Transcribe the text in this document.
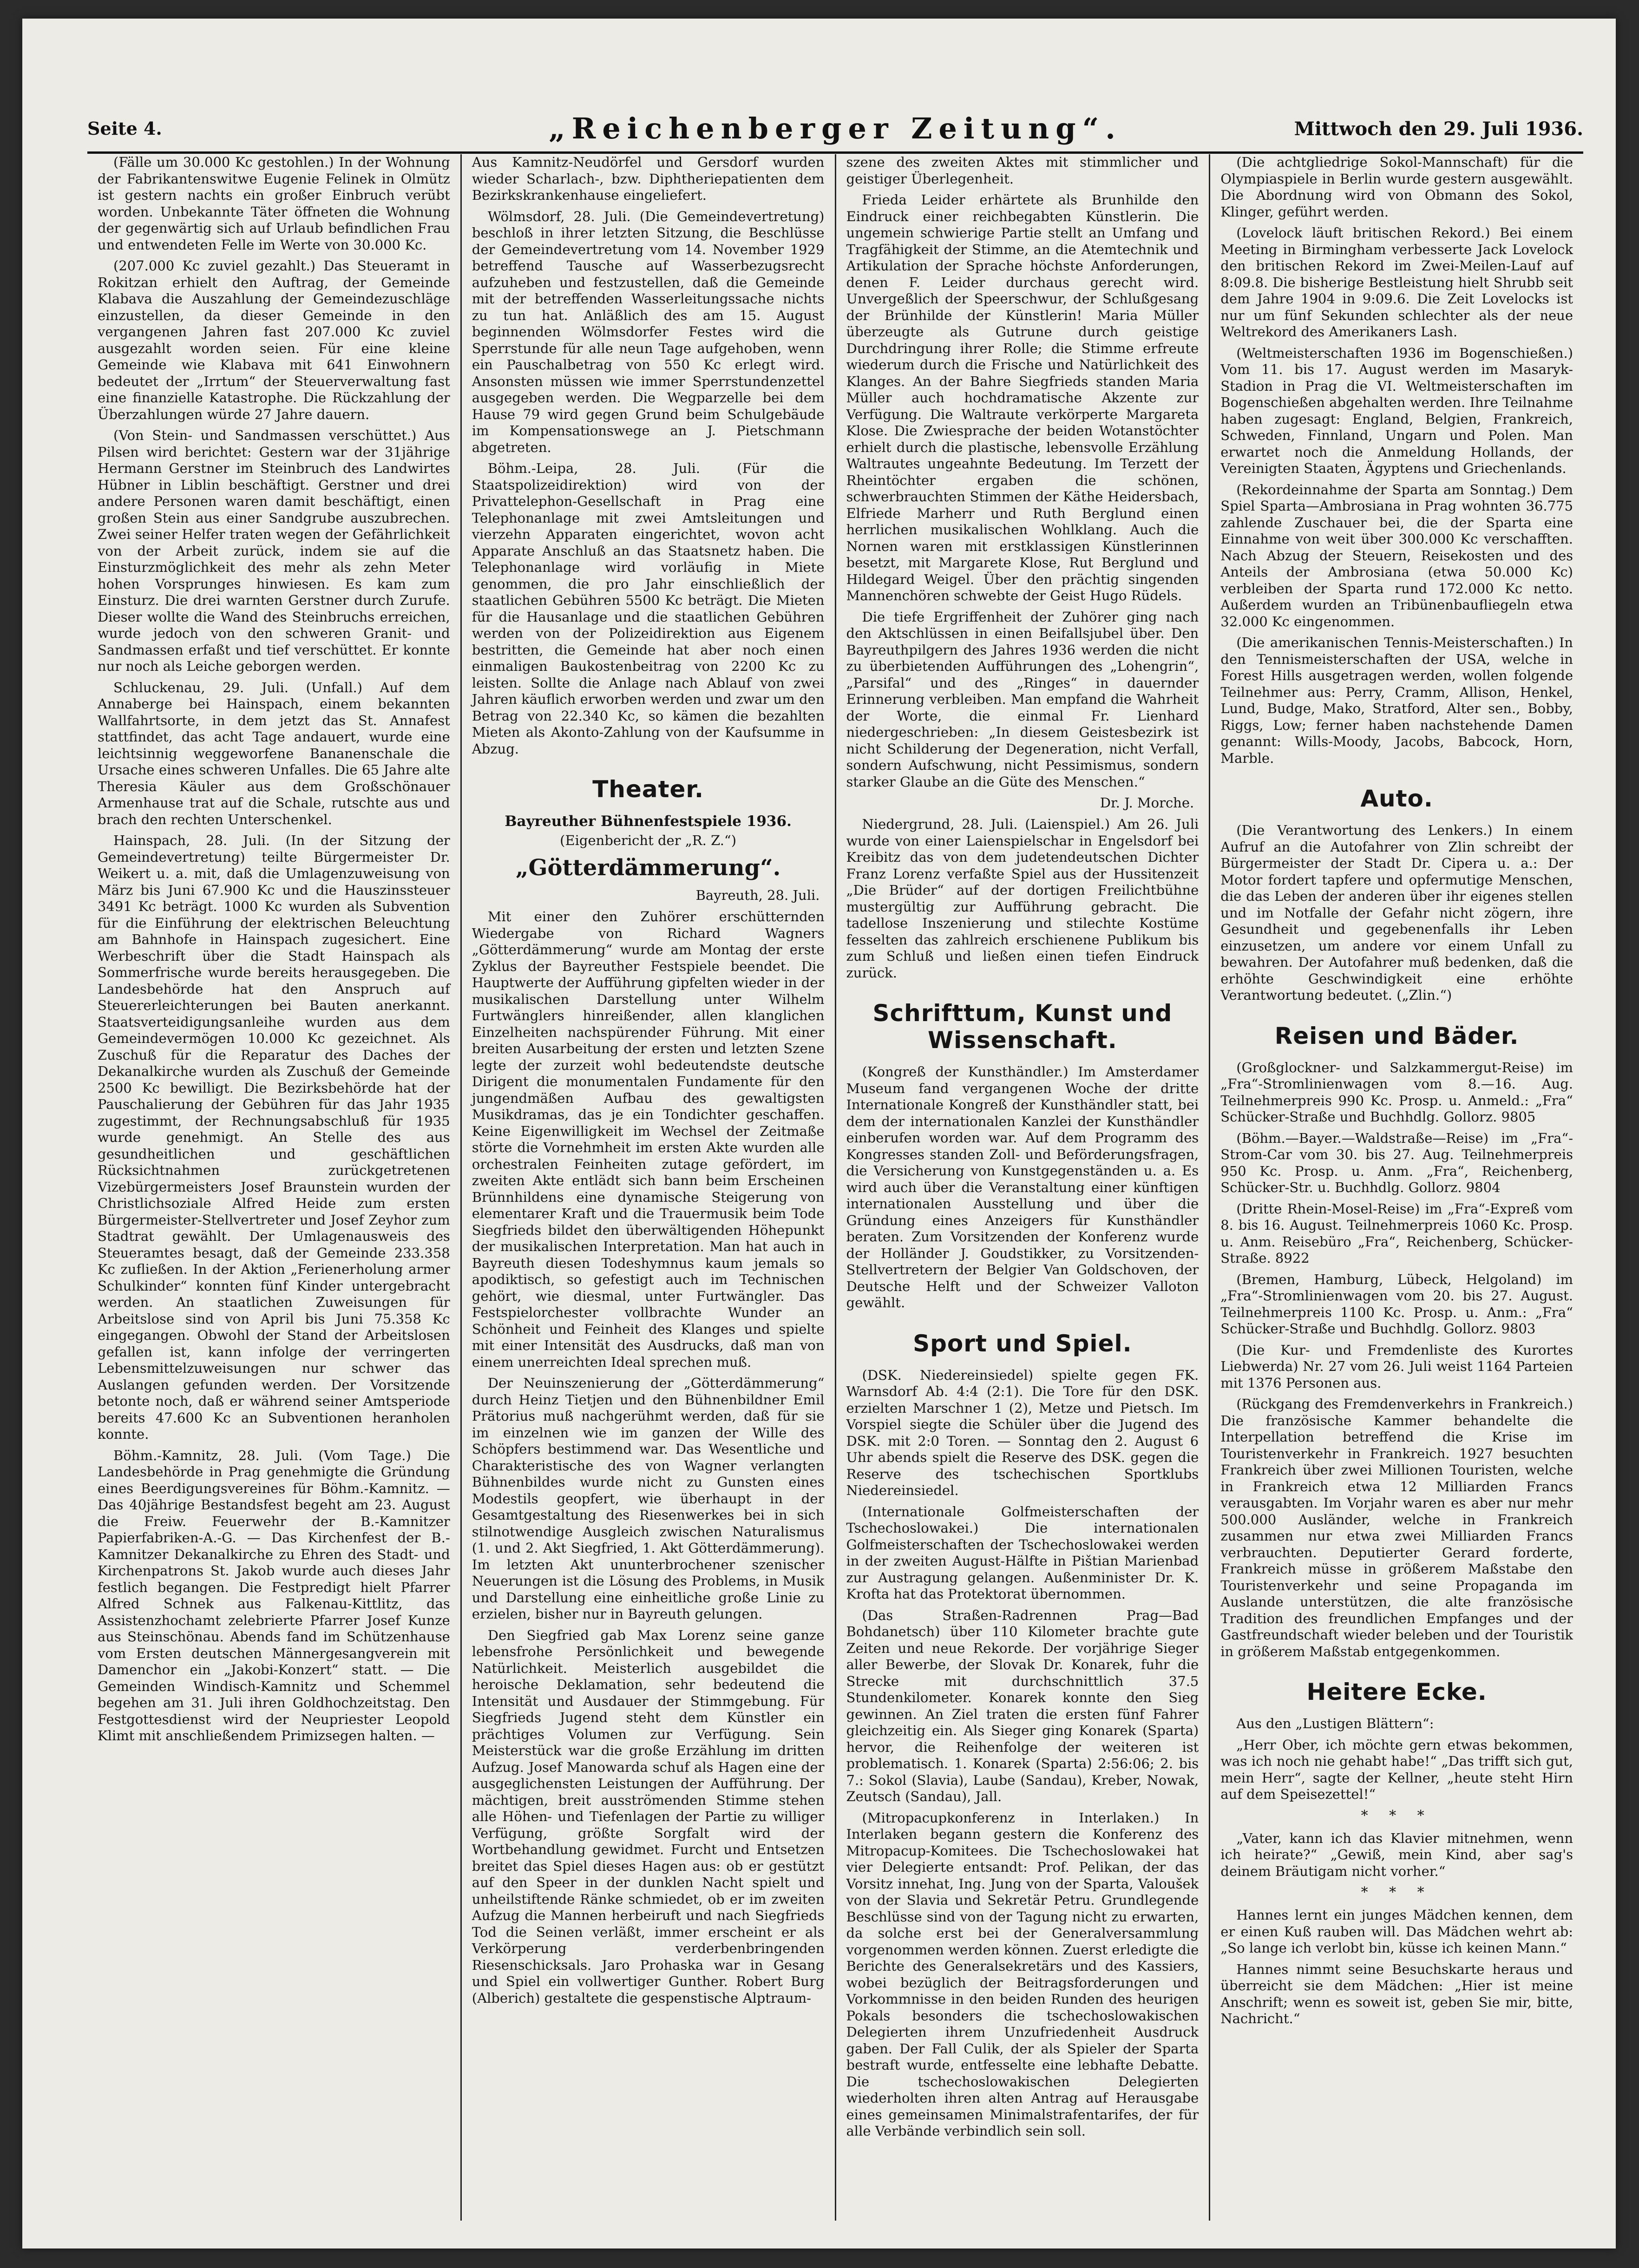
Seite 4.	„Reichenberger Zeitung“.	Mittwoch den 29. Juli 1936.

(Fälle um 30.000 Kc gestohlen.) In der Wohnung der Fabrikantenswitwe Eugenie Felinek in Olmütz ist gestern nachts ein großer Einbruch verübt worden. Unbekannte Täter öffneten die Wohnung der gegenwärtig sich auf Urlaub befindlichen Frau und entwendeten Felle im Werte von 30.000 Kc.

(207.000 Kc zuviel gezahlt.) Das Steueramt in Rokitzan erhielt den Auftrag, der Gemeinde Klabava die Auszahlung der Gemeindezuschläge einzustellen, da dieser Gemeinde in den vergangenen Jahren fast 207.000 Kc zuviel ausgezahlt worden seien. Für eine kleine Gemeinde wie Klabava mit 641 Einwohnern bedeutet der „Irrtum“ der Steuerverwaltung fast eine finanzielle Katastrophe. Die Rückzahlung der Überzahlungen würde 27 Jahre dauern.

(Von Stein- und Sandmassen verschüttet.) Aus Pilsen wird berichtet: Gestern war der 31jährige Hermann Gerstner im Steinbruch des Landwirtes Hübner in Liblin beschäftigt. Gerstner und drei andere Personen waren damit beschäftigt, einen großen Stein aus einer Sandgrube auszubrechen. Zwei seiner Helfer traten wegen der Gefährlichkeit von der Arbeit zurück, indem sie auf die Einsturzmöglichkeit des mehr als zehn Meter hohen Vorsprunges hinwiesen. Es kam zum Einsturz. Die drei warnten Gerstner durch Zurufe. Dieser wollte die Wand des Steinbruchs erreichen, wurde jedoch von den schweren Granit- und Sandmassen erfaßt und tief verschüttet. Er konnte nur noch als Leiche geborgen werden.

Schluckenau, 29. Juli. (Unfall.) Auf dem Annaberge bei Hainspach, einem bekannten Wallfahrtsorte, in dem jetzt das St. Annafest stattfindet, das acht Tage andauert, wurde eine leichtsinnig weggeworfene Bananenschale die Ursache eines schweren Unfalles. Die 65 Jahre alte Theresia Käuler aus dem Großschönauer Armenhause trat auf die Schale, rutschte aus und brach den rechten Unterschenkel.

Hainspach, 28. Juli. (In der Sitzung der Gemeindevertretung) teilte Bürgermeister Dr. Weikert u. a. mit, daß die Umlagenzuweisung von März bis Juni 67.900 Kc und die Hauszinssteuer 3491 Kc beträgt. 1000 Kc wurden als Subvention für die Einführung der elektrischen Beleuchtung am Bahnhofe in Hainspach zugesichert. Eine Werbeschrift über die Stadt Hainspach als Sommerfrische wurde bereits herausgegeben. Die Landesbehörde hat den Anspruch auf Steuererleichterungen bei Bauten anerkannt. Staatsverteidigungsanleihe wurden aus dem Gemeindevermögen 10.000 Kc gezeichnet. Als Zuschuß für die Reparatur des Daches der Dekanalkirche wurden als Zuschuß der Gemeinde 2500 Kc bewilligt. Die Bezirksbehörde hat der Pauschalierung der Gebühren für das Jahr 1935 zugestimmt, der Rechnungsabschluß für 1935 wurde genehmigt. An Stelle des aus gesundheitlichen und geschäftlichen Rücksichtnahmen zurückgetretenen Vizebürgermeisters Josef Braunstein wurden der Christlichsoziale Alfred Heide zum ersten Bürgermeister-Stellvertreter und Josef Zeyhor zum Stadtrat gewählt. Der Umlagenausweis des Steueramtes besagt, daß der Gemeinde 233.358 Kc zufließen. In der Aktion „Ferienerholung armer Schulkinder“ konnten fünf Kinder untergebracht werden. An staatlichen Zuweisungen für Arbeitslose sind von April bis Juni 75.358 Kc eingegangen. Obwohl der Stand der Arbeitslosen gefallen ist, kann infolge der verringerten Lebensmittelzuweisungen nur schwer das Auslangen gefunden werden. Der Vorsitzende betonte noch, daß er während seiner Amtsperiode bereits 47.600 Kc an Subventionen heranholen konnte.

Böhm.-Kamnitz, 28. Juli. (Vom Tage.) Die Landesbehörde in Prag genehmigte die Gründung eines Beerdigungsvereines für Böhm.-Kamnitz. — Das 40jährige Bestandsfest begeht am 23. August die Freiw. Feuerwehr der B.-Kamnitzer Papierfabriken-A.-G. — Das Kirchenfest der B.-Kamnitzer Dekanalkirche zu Ehren des Stadt- und Kirchenpatrons St. Jakob wurde auch dieses Jahr festlich begangen. Die Festpredigt hielt Pfarrer Alfred Schnek aus Falkenau-Kittlitz, das Assistenzhochamt zelebrierte Pfarrer Josef Kunze aus Steinschönau. Abends fand im Schützenhause vom Ersten deutschen Männergesangverein mit Damenchor ein „Jakobi-Konzert“ statt. — Die Gemeinden Windisch-Kamnitz und Schemmel begehen am 31. Juli ihren Goldhochzeitstag. Den Festgottesdienst wird der Neupriester Leopold Klimt mit anschließendem Primizsegen halten. —

Aus Kamnitz-Neudörfel und Gersdorf wurden wieder Scharlach-, bzw. Diphtheriepatienten dem Bezirkskrankenhause eingeliefert.

Wölmsdorf, 28. Juli. (Die Gemeindevertretung) beschloß in ihrer letzten Sitzung, die Beschlüsse der Gemeindevertretung vom 14. November 1929 betreffend Tausche auf Wasserbezugsrecht aufzuheben und festzustellen, daß die Gemeinde mit der betreffenden Wasserleitungssache nichts zu tun hat. Anläßlich des am 15. August beginnenden Wölmsdorfer Festes wird die Sperrstunde für alle neun Tage aufgehoben, wenn ein Pauschalbetrag von 550 Kc erlegt wird. Ansonsten müssen wie immer Sperrstundenzettel ausgegeben werden. Die Wegparzelle bei dem Hause 79 wird gegen Grund beim Schulgebäude im Kompensationswege an J. Pietschmann abgetreten.

Böhm.-Leipa, 28. Juli. (Für die Staatspolizeidirektion) wird von der Privattelephon-Gesellschaft in Prag eine Telephonanlage mit zwei Amtsleitungen und vierzehn Apparaten eingerichtet, wovon acht Apparate Anschluß an das Staatsnetz haben. Die Telephonanlage wird vorläufig in Miete genommen, die pro Jahr einschließlich der staatlichen Gebühren 5500 Kc beträgt. Die Mieten für die Hausanlage und die staatlichen Gebühren werden von der Polizeidirektion aus Eigenem bestritten, die Gemeinde hat aber noch einen einmaligen Baukostenbeitrag von 2200 Kc zu leisten. Sollte die Anlage nach Ablauf von zwei Jahren käuflich erworben werden und zwar um den Betrag von 22.340 Kc, so kämen die bezahlten Mieten als Akonto-Zahlung von der Kaufsumme in Abzug.

Theater.
Bayreuther Bühnenfestspiele 1936.
(Eigenbericht der „R. Z.“)
„Götterdämmerung“.
Bayreuth, 28. Juli.

Mit einer den Zuhörer erschütternden Wiedergabe von Richard Wagners „Götterdämmerung“ wurde am Montag der erste Zyklus der Bayreuther Festspiele beendet. Die Hauptwerte der Aufführung gipfelten wieder in der musikalischen Darstellung unter Wilhelm Furtwänglers hinreißender, allen klanglichen Einzelheiten nachspürender Führung. Mit einer breiten Ausarbeitung der ersten und letzten Szene legte der zurzeit wohl bedeutendste deutsche Dirigent die monumentalen Fundamente für den jungendmäßen Aufbau des gewaltigsten Musikdramas, das je ein Tondichter geschaffen. Keine Eigenwilligkeit im Wechsel der Zeitmaße störte die Vornehmheit im ersten Akte wurden alle orchestralen Feinheiten zutage gefördert, im zweiten Akte entlädt sich bann beim Erscheinen Brünnhildens eine dynamische Steigerung von elementarer Kraft und die Trauermusik beim Tode Siegfrieds bildet den überwältigenden Höhepunkt der musikalischen Interpretation. Man hat auch in Bayreuth diesen Todeshymnus kaum jemals so apodiktisch, so gefestigt auch im Technischen gehört, wie diesmal, unter Furtwängler. Das Festspielorchester vollbrachte Wunder an Schönheit und Feinheit des Klanges und spielte mit einer Intensität des Ausdrucks, daß man von einem unerreichten Ideal sprechen muß.

Der Neuinszenierung der „Götterdämmerung“ durch Heinz Tietjen und den Bühnenbildner Emil Prätorius muß nachgerühmt werden, daß für sie im einzelnen wie im ganzen der Wille des Schöpfers bestimmend war. Das Wesentliche und Charakteristische des von Wagner verlangten Bühnenbildes wurde nicht zu Gunsten eines Modestils geopfert, wie überhaupt in der Gesamtgestaltung des Riesenwerkes bei in sich stilnotwendige Ausgleich zwischen Naturalismus (1. und 2. Akt Siegfried, 1. Akt Götterdämmerung). Im letzten Akt ununterbrochener szenischer Neuerungen ist die Lösung des Problems, in Musik und Darstellung eine einheitliche große Linie zu erzielen, bisher nur in Bayreuth gelungen.

Den Siegfried gab Max Lorenz seine ganze lebensfrohe Persönlichkeit und bewegende Natürlichkeit. Meisterlich ausgebildet die heroische Deklamation, sehr bedeutend die Intensität und Ausdauer der Stimmgebung. Für Siegfrieds Jugend steht dem Künstler ein prächtiges Volumen zur Verfügung. Sein Meisterstück war die große Erzählung im dritten Aufzug. Josef Manowarda schuf als Hagen eine der ausgeglichensten Leistungen der Aufführung. Der mächtigen, breit ausströmenden Stimme stehen alle Höhen- und Tiefenlagen der Partie zu williger Verfügung, größte Sorgfalt wird der Wortbehandlung gewidmet. Furcht und Entsetzen breitet das Spiel dieses Hagen aus: ob er gestützt auf den Speer in der dunklen Nacht spielt und unheilstiftende Ränke schmiedet, ob er im zweiten Aufzug die Mannen herbeiruft und nach Siegfrieds Tod die Seinen verläßt, immer erscheint er als Verkörperung verderbenbringenden Riesenschicksals. Jaro Prohaska war in Gesang und Spiel ein vollwertiger Gunther. Robert Burg (Alberich) gestaltete die gespenstische Alptraum-

szene des zweiten Aktes mit stimmlicher und geistiger Überlegenheit.

Frieda Leider erhärtete als Brunhilde den Eindruck einer reichbegabten Künstlerin. Die ungemein schwierige Partie stellt an Umfang und Tragfähigkeit der Stimme, an die Atemtechnik und Artikulation der Sprache höchste Anforderungen, denen F. Leider durchaus gerecht wird. Unvergeßlich der Speerschwur, der Schlußgesang der Brünhilde der Künstlerin! Maria Müller überzeugte als Gutrune durch geistige Durchdringung ihrer Rolle; die Stimme erfreute wiederum durch die Frische und Natürlichkeit des Klanges. An der Bahre Siegfrieds standen Maria Müller auch hochdramatische Akzente zur Verfügung. Die Waltraute verkörperte Margareta Klose. Die Zwiesprache der beiden Wotanstöchter erhielt durch die plastische, lebensvolle Erzählung Waltrautes ungeahnte Bedeutung. Im Terzett der Rheintöchter ergaben die schönen, schwerbrauchten Stimmen der Käthe Heidersbach, Elfriede Marherr und Ruth Berglund einen herrlichen musikalischen Wohlklang. Auch die Nornen waren mit erstklassigen Künstlerinnen besetzt, mit Margarete Klose, Rut Berglund und Hildegard Weigel. Über den prächtig singenden Mannenchören schwebte der Geist Hugo Rüdels.

Die tiefe Ergriffenheit der Zuhörer ging nach den Aktschlüssen in einen Beifallsjubel über. Den Bayreuthpilgern des Jahres 1936 werden die nicht zu überbietenden Aufführungen des „Lohengrin“, „Parsifal“ und des „Ringes“ in dauernder Erinnerung verbleiben. Man empfand die Wahrheit der Worte, die einmal Fr. Lienhard niedergeschrieben: „In diesem Geistesbezirk ist nicht Schilderung der Degeneration, nicht Verfall, sondern Aufschwung, nicht Pessimismus, sondern starker Glaube an die Güte des Menschen.“

Dr. J. Morche.

Niedergrund, 28. Juli. (Laienspiel.) Am 26. Juli wurde von einer Laienspielschar in Engelsdorf bei Kreibitz das von dem judetendeutschen Dichter Franz Lorenz verfaßte Spiel aus der Hussitenzeit „Die Brüder“ auf der dortigen Freilichtbühne mustergültig zur Aufführung gebracht. Die tadellose Inszenierung und stilechte Kostüme fesselten das zahlreich erschienene Publikum bis zum Schluß und ließen einen tiefen Eindruck zurück.

Schrifttum, Kunst und Wissenschaft.

(Kongreß der Kunsthändler.) Im Amsterdamer Museum fand vergangenen Woche der dritte Internationale Kongreß der Kunsthändler statt, bei dem der internationalen Kanzlei der Kunsthändler einberufen worden war. Auf dem Programm des Kongresses standen Zoll- und Beförderungsfragen, die Versicherung von Kunstgegenständen u. a. Es wird auch über die Veranstaltung einer künftigen internationalen Ausstellung und über die Gründung eines Anzeigers für Kunsthändler beraten. Zum Vorsitzenden der Konferenz wurde der Holländer J. Goudstikker, zu Vorsitzenden-Stellvertretern der Belgier Van Goldschoven, der Deutsche Helft und der Schweizer Valloton gewählt.

Sport und Spiel.

(DSK. Niedereinsiedel) spielte gegen FK. Warnsdorf Ab. 4:4 (2:1). Die Tore für den DSK. erzielten Marschner 1 (2), Metze und Pietsch. Im Vorspiel siegte die Schüler über die Jugend des DSK. mit 2:0 Toren. — Sonntag den 2. August 6 Uhr abends spielt die Reserve des DSK. gegen die Reserve des tschechischen Sportklubs Niedereinsiedel.

(Internationale Golfmeisterschaften der Tschechoslowakei.) Die internationalen Golfmeisterschaften der Tschechoslowakei werden in der zweiten August-Hälfte in Pištian Marienbad zur Austragung gelangen. Außenminister Dr. K. Krofta hat das Protektorat übernommen.

(Das Straßen-Radrennen Prag—Bad Bohdanetsch) über 110 Kilometer brachte gute Zeiten und neue Rekorde. Der vorjährige Sieger aller Bewerbe, der Slovak Dr. Konarek, fuhr die Strecke mit durchschnittlich 37.5 Stundenkilometer. Konarek konnte den Sieg gewinnen. An Ziel traten die ersten fünf Fahrer gleichzeitig ein. Als Sieger ging Konarek (Sparta) hervor, die Reihenfolge der weiteren ist problematisch. 1. Konarek (Sparta) 2:56:06; 2. bis 7.: Sokol (Slavia), Laube (Sandau), Kreber, Nowak, Zeutsch (Sandau), Jall.

(Mitropacupkonferenz in Interlaken.) In Interlaken begann gestern die Konferenz des Mitropacup-Komitees. Die Tschechoslowakei hat vier Delegierte entsandt: Prof. Pelikan, der das Vorsitz innehat, Ing. Jung von der Sparta, Valoušek von der Slavia und Sekretär Petru. Grundlegende Beschlüsse sind von der Tagung nicht zu erwarten, da solche erst bei der Generalversammlung vorgenommen werden können. Zuerst erledigte die Berichte des Generalsekretärs und des Kassiers, wobei bezüglich der Beitragsforderungen und Vorkommnisse in den beiden Runden des heurigen Pokals besonders die tschechoslowakischen Delegierten ihrem Unzufriedenheit Ausdruck gaben. Der Fall Culik, der als Spieler der Sparta bestraft wurde, entfesselte eine lebhafte Debatte. Die tschechoslowakischen Delegierten wiederholten ihren alten Antrag auf Herausgabe eines gemeinsamen Minimalstrafentarifes, der für alle Verbände verbindlich sein soll.

(Die achtgliedrige Sokol-Mannschaft) für die Olympiaspiele in Berlin wurde gestern ausgewählt. Die Abordnung wird von Obmann des Sokol, Klinger, geführt werden.

(Lovelock läuft britischen Rekord.) Bei einem Meeting in Birmingham verbesserte Jack Lovelock den britischen Rekord im Zwei-Meilen-Lauf auf 8:09.8. Die bisherige Bestleistung hielt Shrubb seit dem Jahre 1904 in 9:09.6. Die Zeit Lovelocks ist nur um fünf Sekunden schlechter als der neue Weltrekord des Amerikaners Lash.

(Weltmeisterschaften 1936 im Bogenschießen.) Vom 11. bis 17. August werden im Masaryk-Stadion in Prag die VI. Weltmeisterschaften im Bogenschießen abgehalten werden. Ihre Teilnahme haben zugesagt: England, Belgien, Frankreich, Schweden, Finnland, Ungarn und Polen. Man erwartet noch die Anmeldung Hollands, der Vereinigten Staaten, Ägyptens und Griechenlands.

(Rekordeinnahme der Sparta am Sonntag.) Dem Spiel Sparta—Ambrosiana in Prag wohnten 36.775 zahlende Zuschauer bei, die der Sparta eine Einnahme von weit über 300.000 Kc verschafften. Nach Abzug der Steuern, Reisekosten und des Anteils der Ambrosiana (etwa 50.000 Kc) verbleiben der Sparta rund 172.000 Kc netto. Außerdem wurden an Tribünenbaufliegeln etwa 32.000 Kc eingenommen.

(Die amerikanischen Tennis-Meisterschaften.) In den Tennismeisterschaften der USA, welche in Forest Hills ausgetragen werden, wollen folgende Teilnehmer aus: Perry, Cramm, Allison, Henkel, Lund, Budge, Mako, Stratford, Alter sen., Bobby, Riggs, Low; ferner haben nachstehende Damen genannt: Wills-Moody, Jacobs, Babcock, Horn, Marble.

Auto.

(Die Verantwortung des Lenkers.) In einem Aufruf an die Autofahrer von Zlin schreibt der Bürgermeister der Stadt Dr. Cipera u. a.: Der Motor fordert tapfere und opfermutige Menschen, die das Leben der anderen über ihr eigenes stellen und im Notfalle der Gefahr nicht zögern, ihre Gesundheit und gegebenenfalls ihr Leben einzusetzen, um andere vor einem Unfall zu bewahren. Der Autofahrer muß bedenken, daß die erhöhte Geschwindigkeit eine erhöhte Verantwortung bedeutet. („Zlin.“)

Reisen und Bäder.

(Großglockner- und Salzkammergut-Reise) im „Fra“-Stromlinienwagen vom 8.—16. Aug. Teilnehmerpreis 990 Kc. Prosp. u. Anmeld.: „Fra“ Schücker-Straße und Buchhdlg. Gollorz. 9805

(Böhm.—Bayer.—Waldstraße—Reise) im „Fra“-Strom-Car vom 30. bis 27. Aug. Teilnehmerpreis 950 Kc. Prosp. u. Anm. „Fra“, Reichenberg, Schücker-Str. u. Buchhdlg. Gollorz. 9804

(Dritte Rhein-Mosel-Reise) im „Fra“-Expreß vom 8. bis 16. August. Teilnehmerpreis 1060 Kc. Prosp. u. Anm. Reisebüro „Fra“, Reichenberg, Schücker-Straße. 8922

(Bremen, Hamburg, Lübeck, Helgoland) im „Fra“-Stromlinienwagen vom 20. bis 27. August. Teilnehmerpreis 1100 Kc. Prosp. u. Anm.: „Fra“ Schücker-Straße und Buchhdlg. Gollorz. 9803

(Die Kur- und Fremdenliste des Kurortes Liebwerda) Nr. 27 vom 26. Juli weist 1164 Parteien mit 1376 Personen aus.

(Rückgang des Fremdenverkehrs in Frankreich.) Die französische Kammer behandelte die Interpellation betreffend die Krise im Touristenverkehr in Frankreich. 1927 besuchten Frankreich über zwei Millionen Touristen, welche in Frankreich etwa 12 Milliarden Francs verausgabten. Im Vorjahr waren es aber nur mehr 500.000 Ausländer, welche in Frankreich zusammen nur etwa zwei Milliarden Francs verbrauchten. Deputierter Gerard forderte, Frankreich müsse in größerem Maßstabe den Touristenverkehr und seine Propaganda im Auslande unterstützen, die alte französische Tradition des freundlichen Empfanges und der Gastfreundschaft wieder beleben und der Touristik in größerem Maßstab entgegenkommen.

Heitere Ecke.

Aus den „Lustigen Blättern“:

„Herr Ober, ich möchte gern etwas bekommen, was ich noch nie gehabt habe!“ „Das trifft sich gut, mein Herr“, sagte der Kellner, „heute steht Hirn auf dem Speisezettel!“

* * *

„Vater, kann ich das Klavier mitnehmen, wenn ich heirate?“ „Gewiß, mein Kind, aber sag's deinem Bräutigam nicht vorher.“

* * *

Hannes lernt ein junges Mädchen kennen, dem er einen Kuß rauben will. Das Mädchen wehrt ab: „So lange ich verlobt bin, küsse ich keinen Mann.“

Hannes nimmt seine Besuchskarte heraus und überreicht sie dem Mädchen: „Hier ist meine Anschrift; wenn es soweit ist, geben Sie mir, bitte, Nachricht.“
